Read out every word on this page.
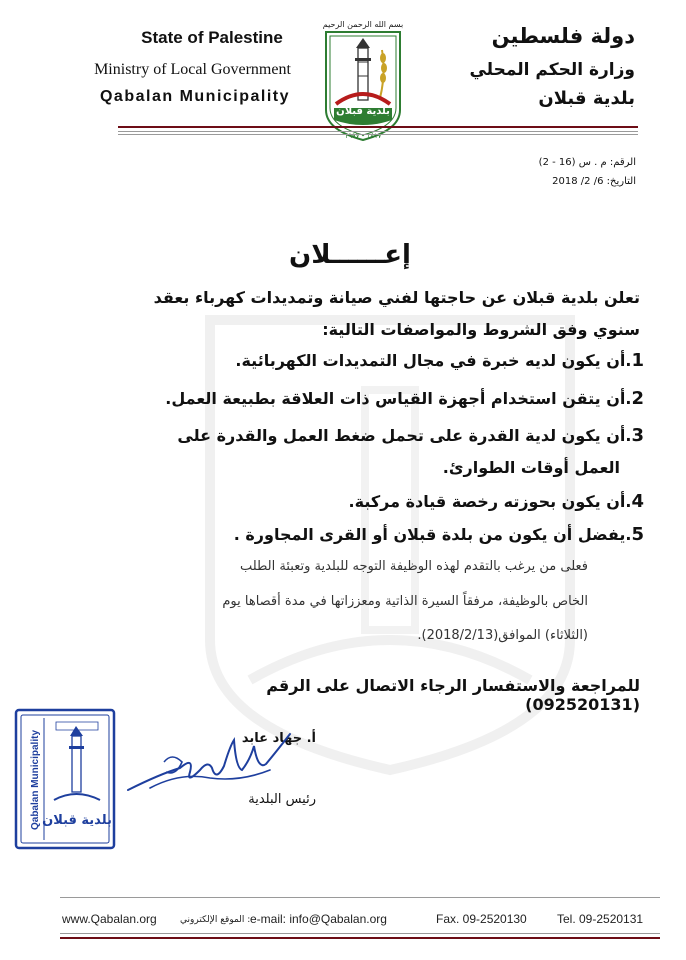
State of Palestine
Ministry of Local Government
Qabalan Municipality
دولة فلسطين
وزارة الحكم المحلي
بلدية قبلان
بسم الله الرحمن الرحيم
بلدية قبلان
١٤١٧ - ١٩٩٧
الرقم: م . س (16 - 2)
التاريخ: 6/ 2/ 2018
إعــــــلان
تعلن بلدية قبلان عن حاجتها لفني صيانة وتمديدات كهرباء بعقد
سنوي وفق الشروط والمواصفات التالية:
1.أن يكون لديه خبرة في مجال التمديدات الكهربائية.
2.أن يتقن استخدام أجهزة القياس ذات العلاقة بطبيعة العمل.
3.أن يكون لدية القدرة على تحمل ضغط العمل والقدرة على
العمل أوقات الطوارئ.
4.أن يكون بحوزته رخصة قيادة مركبة.
5.يفضل أن يكون من بلدة قبلان أو القرى المجاورة .
فعلى من يرغب بالتقدم لهذه الوظيفة التوجه للبلدية وتعبئة الطلب
الخاص بالوظيفة، مرفقاً السيرة الذاتية ومعززاتها في مدة أقصاها يوم
(الثلاثاء) الموافق(2018/2/13).
للمراجعة والاستفسار الرجاء الاتصال على الرقم (092520131)
Qabalan Municipality بلدية قبلان
أ. جهاد عابد
رئيس البلدية
www.Qabalan.org	: الموقع الإلكتروني e-mail: info@Qabalan.org	Fax. 09-2520130	Tel. 09-2520131
